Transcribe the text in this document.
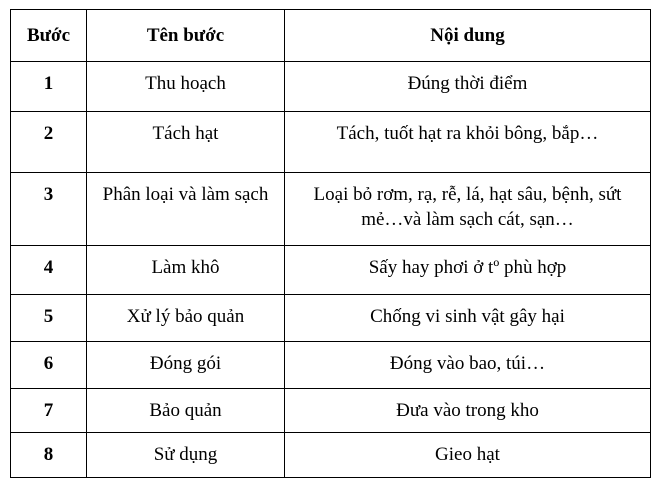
Bước	Tên bước	Nội dung

1	Thu hoạch	Đúng thời điểm

2	Tách hạt	Tách, tuốt hạt ra khỏi bông, bắp…

3	Phân loại và làm sạch	Loại bỏ rơm, rạ, rễ, lá, hạt sâu, bệnh, sứt mẻ…và làm sạch cát, sạn…

4	Làm khô	Sấy hay phơi ở tº phù hợp

5	Xử lý bảo quản	Chống vi sinh vật gây hại

6	Đóng gói	Đóng vào bao, túi…

7	Bảo quản	Đưa vào trong kho

8	Sử dụng	Gieo hạt
